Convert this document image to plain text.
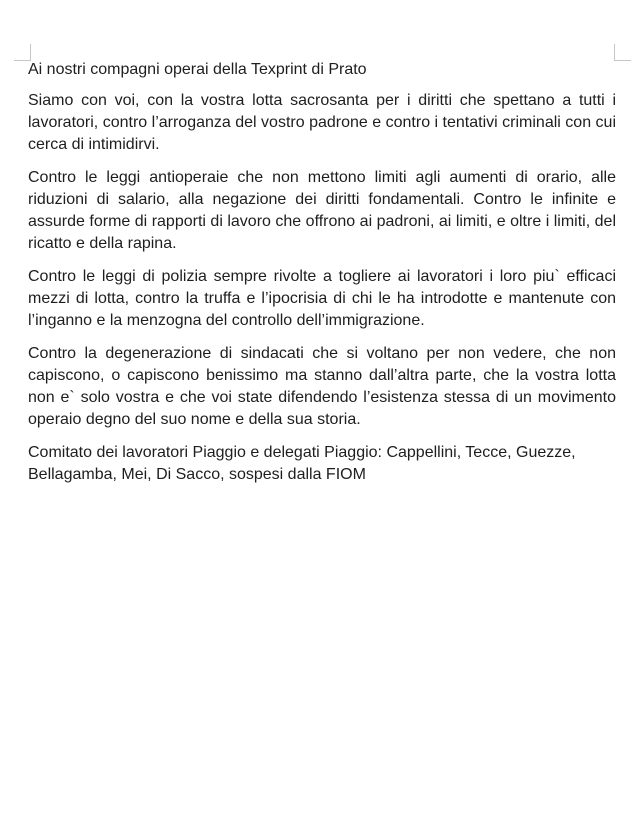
Ai nostri compagni operai della Texprint di Prato

Siamo con voi, con la vostra lotta sacrosanta per i diritti che spettano a tutti i lavoratori, contro l’arroganza del vostro padrone e contro i tentativi criminali con cui cerca di intimidirvi.

Contro le leggi antioperaie che non mettono limiti agli aumenti di orario, alle riduzioni di salario, alla negazione dei diritti fondamentali. Contro le infinite e assurde forme di rapporti di lavoro che offrono ai padroni, ai limiti, e oltre i limiti, del ricatto e della rapina.

Contro le leggi di polizia sempre rivolte a togliere ai lavoratori i loro piu` efficaci mezzi di lotta, contro la truffa e l’ipocrisia di chi le ha introdotte e mantenute con l’inganno e la menzogna del controllo dell’immigrazione.

Contro la degenerazione di sindacati che si voltano per non vedere, che non capiscono, o capiscono benissimo ma stanno dall’altra parte, che la vostra lotta non e` solo vostra e che voi state difendendo l’esistenza stessa di un movimento operaio degno del suo nome e della sua storia.

Comitato dei lavoratori Piaggio e delegati Piaggio: Cappellini, Tecce, Guezze, Bellagamba, Mei, Di Sacco, sospesi dalla FIOM
